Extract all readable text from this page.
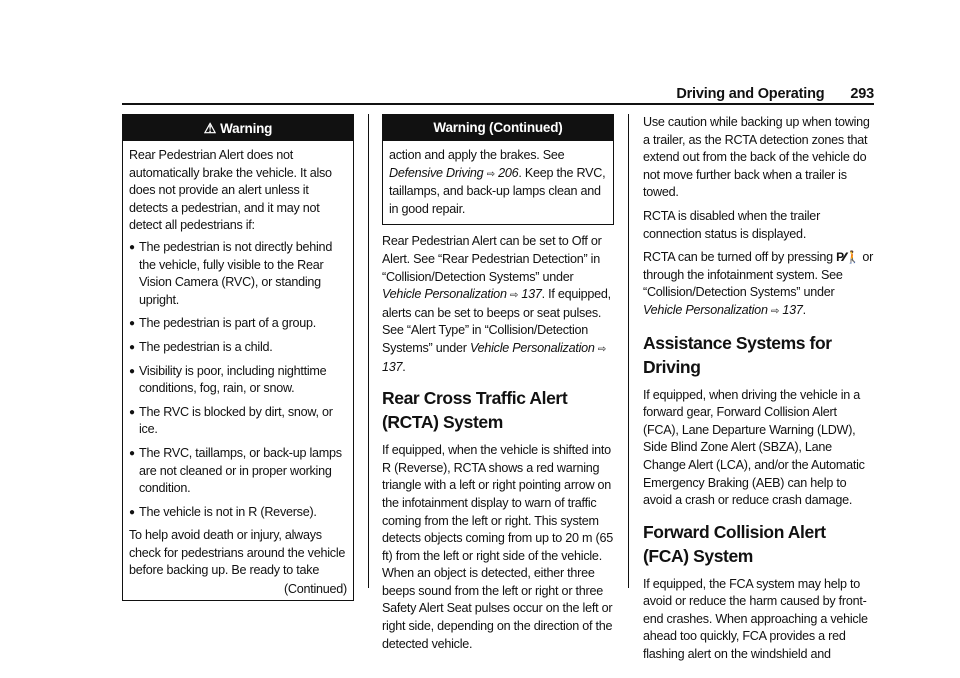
Driving and Operating 293
⚠ Warning

Rear Pedestrian Alert does not automatically brake the vehicle. It also does not provide an alert unless it detects a pedestrian, and it may not detect all pedestrians if:

● The pedestrian is not directly behind the vehicle, fully visible to the Rear Vision Camera (RVC), or standing upright.
● The pedestrian is part of a group.
● The pedestrian is a child.
● Visibility is poor, including nighttime conditions, fog, rain, or snow.
● The RVC is blocked by dirt, snow, or ice.
● The RVC, taillamps, or back-up lamps are not cleaned or in proper working condition.
● The vehicle is not in R (Reverse).

To help avoid death or injury, always check for pedestrians around the vehicle before backing up. Be ready to take

(Continued)
Warning (Continued)

action and apply the brakes. See Defensive Driving ⇨ 206. Keep the RVC, taillamps, and back-up lamps clean and in good repair.

Rear Pedestrian Alert can be set to Off or Alert. See “Rear Pedestrian Detection” in “Collision/Detection Systems” under Vehicle Personalization ⇨ 137. If equipped, alerts can be set to beeps or seat pulses. See “Alert Type” in “Collision/Detection Systems” under Vehicle Personalization ⇨ 137.

Rear Cross Traffic Alert (RCTA) System

If equipped, when the vehicle is shifted into R (Reverse), RCTA shows a red warning triangle with a left or right pointing arrow on the infotainment display to warn of traffic coming from the left or right. This system detects objects coming from up to 20 m (65 ft) from the left or right side of the vehicle. When an object is detected, either three beeps sound from the left or right or three Safety Alert Seat pulses occur on the left or right side, depending on the direction of the detected vehicle.

Use caution while backing up when towing a trailer, as the RCTA detection zones that extend out from the back of the vehicle do not move further back when a trailer is towed.

RCTA is disabled when the trailer connection status is displayed.

RCTA can be turned off by pressing P⁄⁄🚶 or through the infotainment system. See “Collision/Detection Systems” under Vehicle Personalization ⇨ 137.

Assistance Systems for Driving

If equipped, when driving the vehicle in a forward gear, Forward Collision Alert (FCA), Lane Departure Warning (LDW), Side Blind Zone Alert (SBZA), Lane Change Alert (LCA), and/or the Automatic Emergency Braking (AEB) can help to avoid a crash or reduce crash damage.

Forward Collision Alert (FCA) System

If equipped, the FCA system may help to avoid or reduce the harm caused by front-end crashes. When approaching a vehicle ahead too quickly, FCA provides a red flashing alert on the windshield and
